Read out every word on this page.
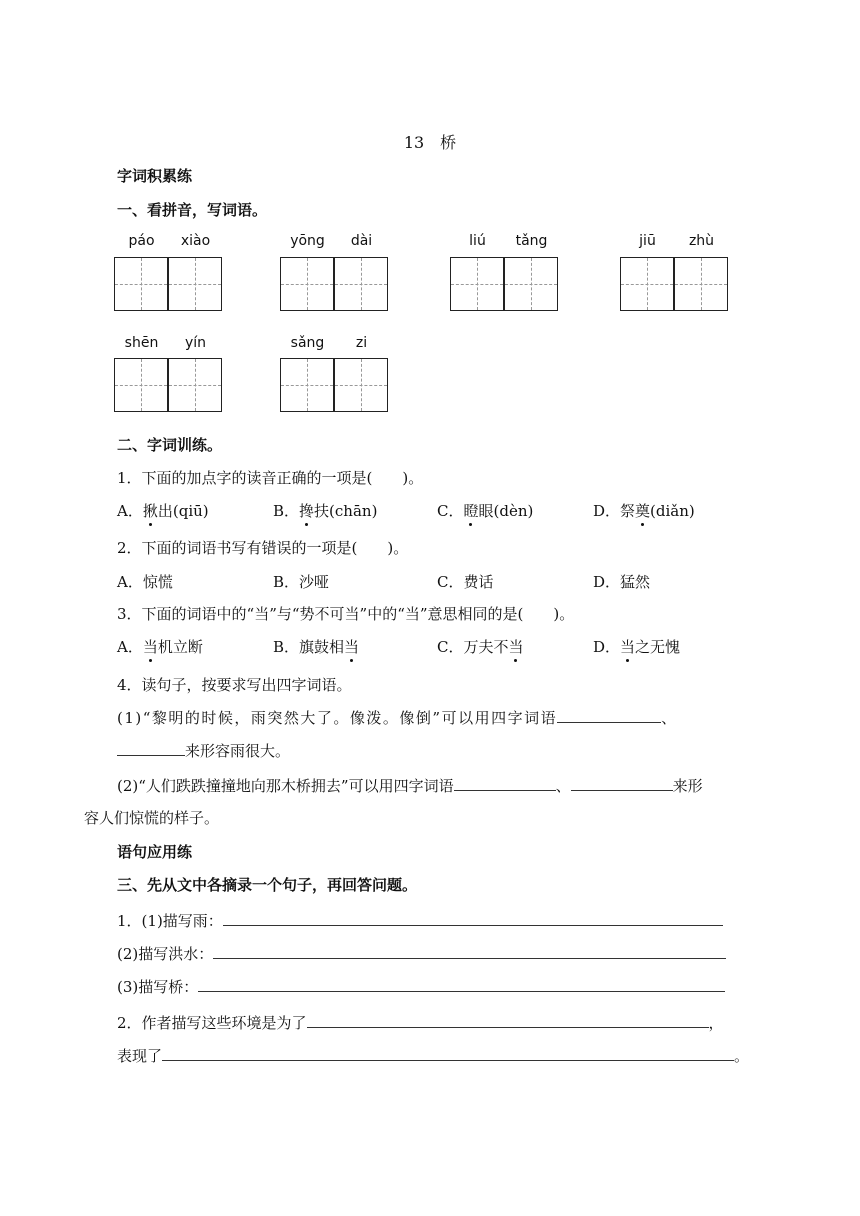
13　桥
字词积累练
一、看拼音，写词语。
páo	xiào	yōng	dài	liú	tǎng	jiū	zhù
shēn	yín	sǎng	zi
二、字词训练。
1．下面的加点字的读音正确的一项是(　　)。
A．揪出(qiū)	B．搀扶(chān)	C．瞪眼(dèn)	D．祭奠(diǎn)
2．下面的词语书写有错误的一项是(　　)。
A．惊慌	B．沙哑	C．费话	D．猛然
3．下面的词语中的“当”与“势不可当”中的“当”意思相同的是(　　)。
A．当机立断	B．旗鼓相当	C．万夫不当	D．当之无愧
4．读句子，按要求写出四字词语。
(1)“黎明的时候，雨突然大了。像泼。像倒”可以用四字词语	、
来形容雨很大。
(2)“人们跌跌撞撞地向那木桥拥去”可以用四字词语	、	来形
容人们惊慌的样子。
语句应用练
三、先从文中各摘录一个句子，再回答问题。
1．(1)描写雨：
(2)描写洪水：
(3)描写桥：
2．作者描写这些环境是为了	，
表现了	。
